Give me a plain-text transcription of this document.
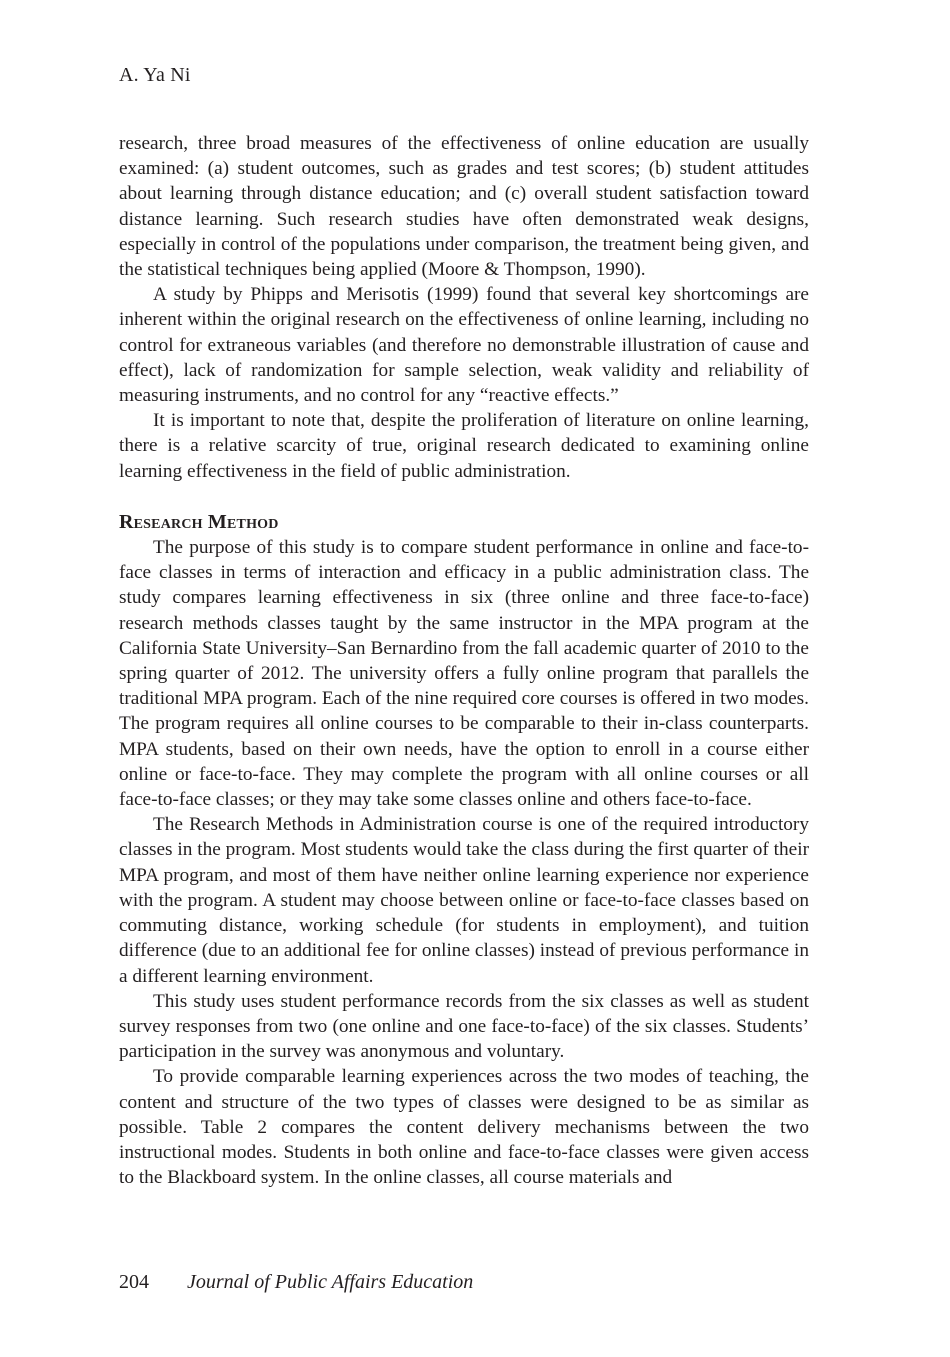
A. Ya Ni

research, three broad measures of the effectiveness of online education are usually examined: (a) student outcomes, such as grades and test scores; (b) student attitudes about learning through distance education; and (c) overall student satisfaction toward distance learning. Such research studies have often demonstrated weak designs, especially in control of the populations under comparison, the treatment being given, and the statistical techniques being applied (Moore & Thompson, 1990).

A study by Phipps and Merisotis (1999) found that several key shortcomings are inherent within the original research on the effectiveness of online learning, including no control for extraneous variables (and therefore no demonstrable illustration of cause and effect), lack of randomization for sample selection, weak validity and reliability of measuring instruments, and no control for any “reactive effects.”

It is important to note that, despite the proliferation of literature on online learning, there is a relative scarcity of true, original research dedicated to examining online learning effectiveness in the field of public administration.

Research Method

The purpose of this study is to compare student performance in online and face-to-face classes in terms of interaction and efficacy in a public administration class. The study compares learning effectiveness in six (three online and three face-to-face) research methods classes taught by the same instructor in the MPA program at the California State University–San Bernardino from the fall academic quarter of 2010 to the spring quarter of 2012. The university offers a fully online program that parallels the traditional MPA program. Each of the nine required core courses is offered in two modes. The program requires all online courses to be comparable to their in-class counterparts. MPA students, based on their own needs, have the option to enroll in a course either online or face-to-face. They may complete the program with all online courses or all face-to-face classes; or they may take some classes online and others face-to-face.

The Research Methods in Administration course is one of the required introductory classes in the program. Most students would take the class during the first quarter of their MPA program, and most of them have neither online learning experience nor experience with the program. A student may choose between online or face-to-face classes based on commuting distance, working schedule (for students in employment), and tuition difference (due to an additional fee for online classes) instead of previous performance in a different learning environment.

This study uses student performance records from the six classes as well as student survey responses from two (one online and one face-to-face) of the six classes. Students’ participation in the survey was anonymous and voluntary.

To provide comparable learning experiences across the two modes of teaching, the content and structure of the two types of classes were designed to be as similar as possible. Table 2 compares the content delivery mechanisms between the two instructional modes. Students in both online and face-to-face classes were given access to the Blackboard system. In the online classes, all course materials and

204 Journal of Public Affairs Education
